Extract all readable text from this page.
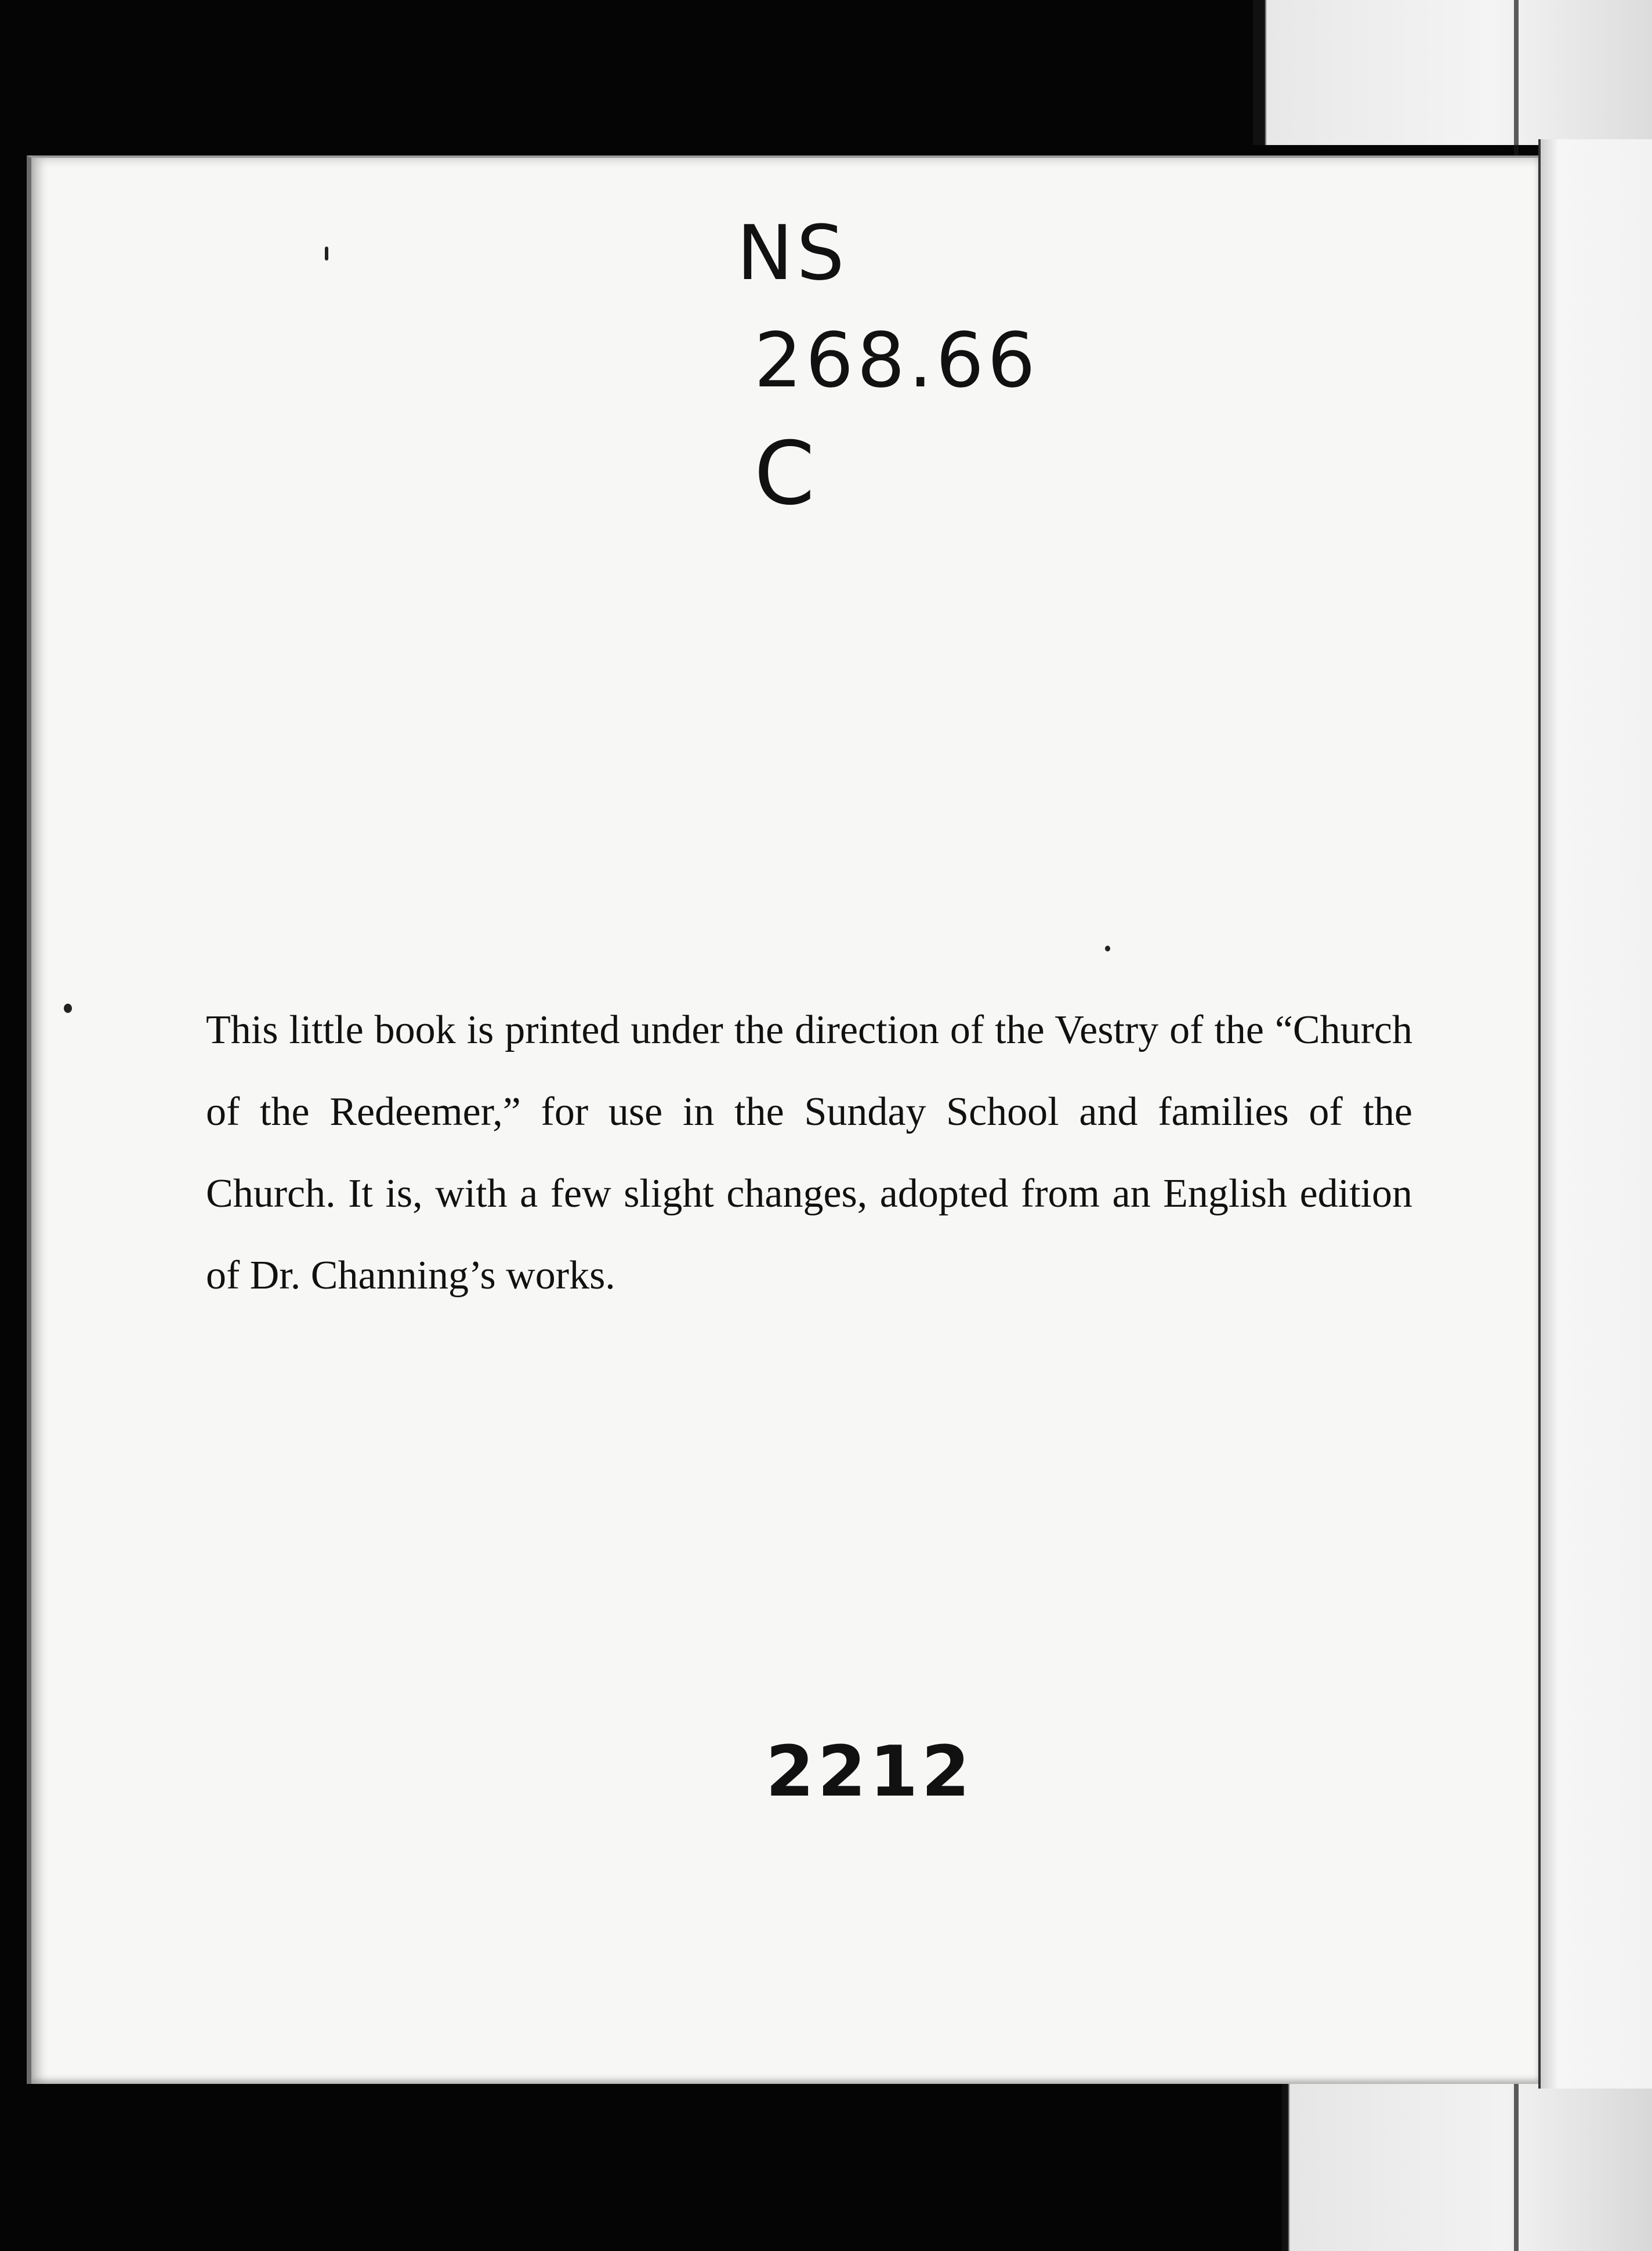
NS
268.66
C

This little book is printed under the direction of the Vestry of the “Church of the Redeemer,” for use in the Sunday School and families of the Church. It is, with a few slight changes, adopted from an English edition of Dr. Channing’s works.

2212
